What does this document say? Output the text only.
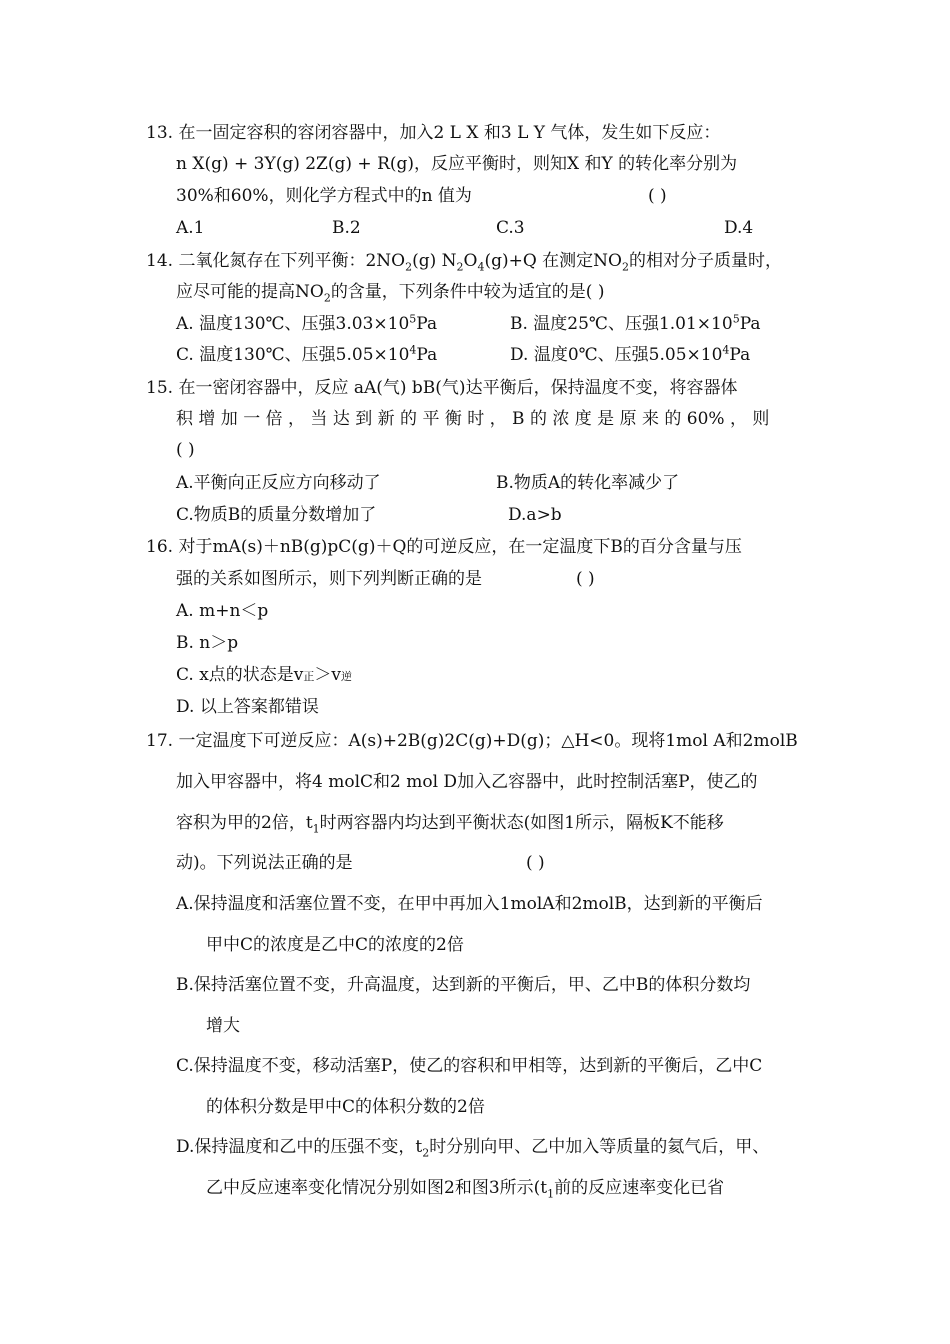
13. 在一固定容积的容闭容器中，加入2 L X 和3 L Y 气体，发生如下反应：
n X(g) + 3Y(g) 2Z(g) + R(g)，反应平衡时，则知X 和Y 的转化率分别为
30%和60%，则化学方程式中的n 值为	( )
A.1	B.2	C.3	D.4
14. 二氧化氮存在下列平衡：$2NO_2(g)$ $N_2O_4(g)+Q$ 在测定$NO_2$的相对分子质量时，
应尽可能的提高$NO_2$的含量，下列条件中较为适宜的是( )
A. 温度130℃、压强$3.03\times 10^5Pa$	B. 温度25℃、压强$1.01\times 10^5Pa$
C. 温度130℃、压强$5.05\times 10^4Pa$	D. 温度0℃、压强$5.05\times 10^4Pa$
15. 在一密闭容器中，反应 aA(气) bB(气)达平衡后，保持温度不变，将容器体
积 增 加 一 倍 ， 当 达 到 新 的 平 衡 时 ， B 的 浓 度 是 原 来 的 60% ， 则
( )
A.平衡向正反应方向移动了	B.物质A的转化率减少了
C.物质B的质量分数增加了	D.a>b
16. 对于mA(s)＋nB(g)pC(g)＋Q的可逆反应，在一定温度下B的百分含量与压
强的关系如图所示，则下列判断正确的是	( )
A. m+n＜p
B. n＞p
C. x点的状态是v正＞v逆
D. 以上答案都错误
17. 一定温度下可逆反应：A(s)+2B(g)2C(g)+D(g)；△H<0。现将1mol A和2molB
加入甲容器中，将4 molC和2 mol D加入乙容器中，此时控制活塞P，使乙的
容积为甲的2倍，$t_1$时两容器内均达到平衡状态(如图1所示，隔板K不能移
动)。下列说法正确的是	( )
A.保持温度和活塞位置不变，在甲中再加入1molA和2molB，达到新的平衡后
甲中C的浓度是乙中C的浓度的2倍
B.保持活塞位置不变，升高温度，达到新的平衡后，甲、乙中B的体积分数均
增大
C.保持温度不变，移动活塞P，使乙的容积和甲相等，达到新的平衡后，乙中C
的体积分数是甲中C的体积分数的2倍
D.保持温度和乙中的压强不变，$t_2$时分别向甲、乙中加入等质量的氦气后，甲、
乙中反应速率变化情况分别如图2和图3所示($t_1$前的反应速率变化已省
